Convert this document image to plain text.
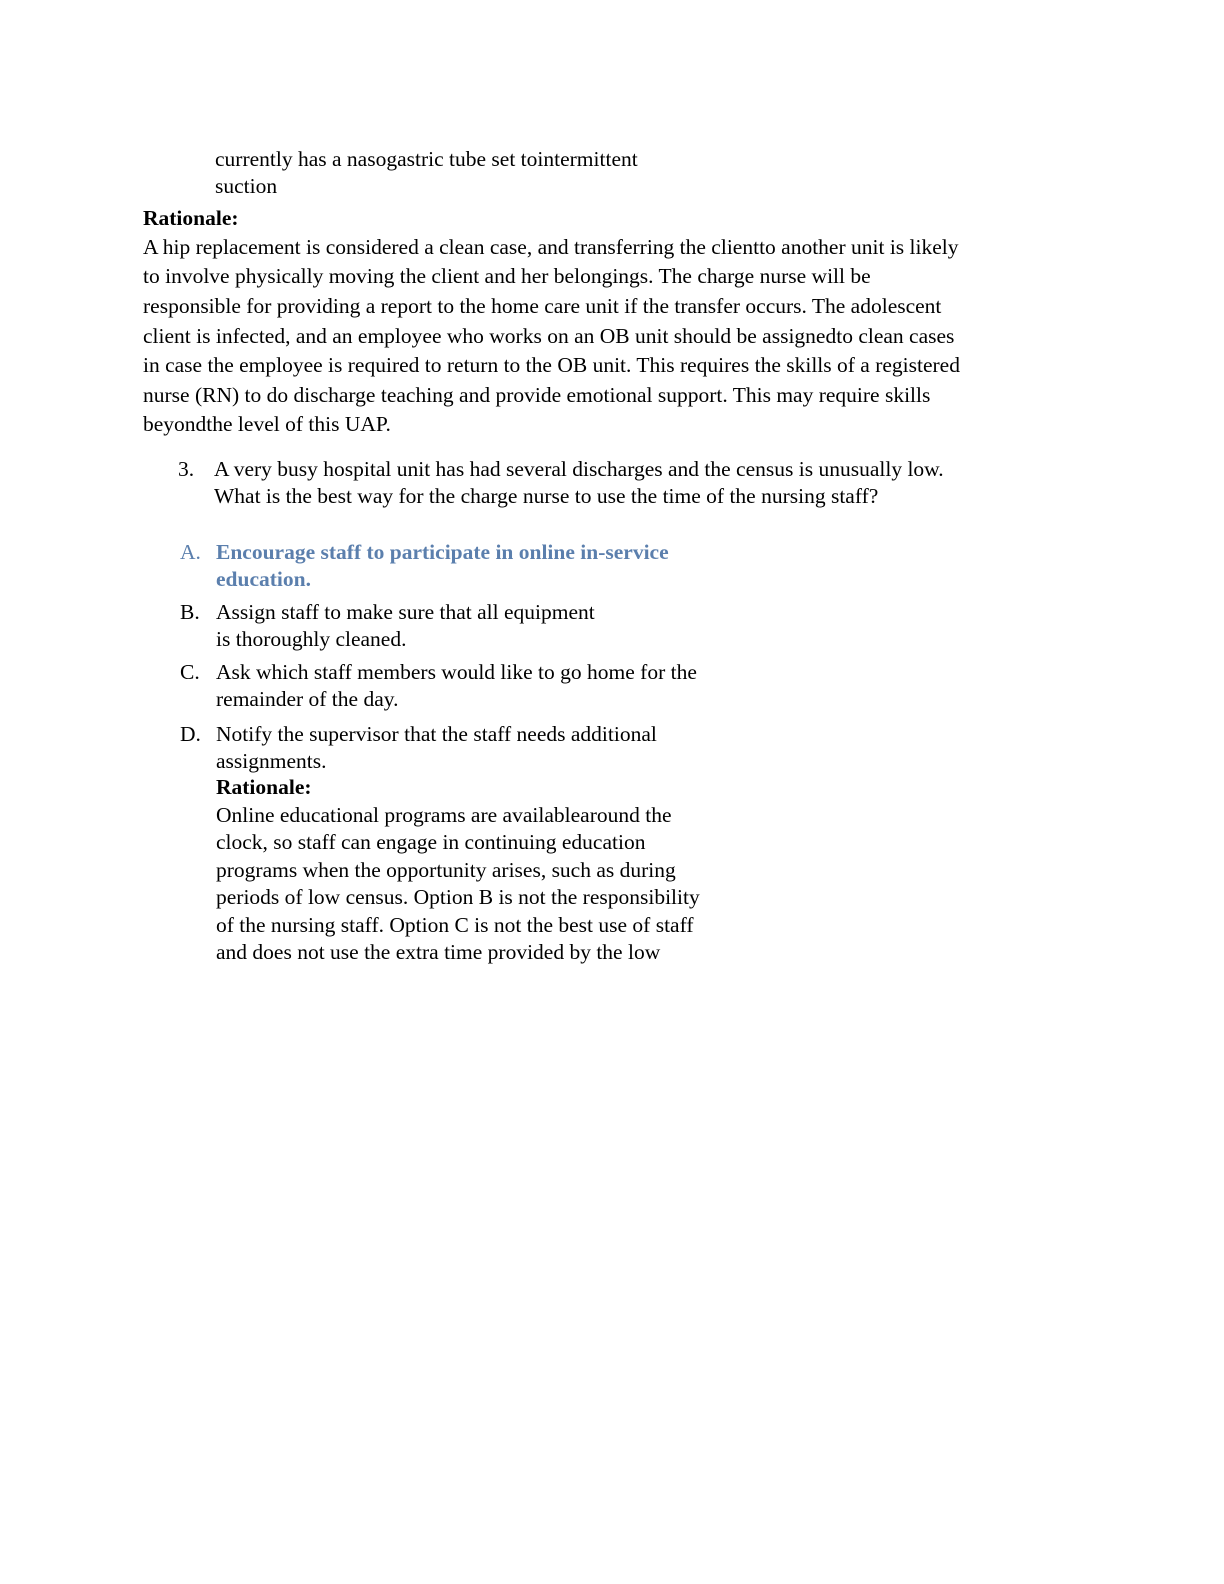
currently has a nasogastric tube set tointermittent
suction
Rationale:
A hip replacement is considered a clean case, and transferring the clientto another unit is likely
to involve physically moving the client and her belongings. The charge nurse will be
responsible for providing a report to the home care unit if the transfer occurs. The adolescent
client is infected, and an employee who works on an OB unit should be assignedto clean cases
in case the employee is required to return to the OB unit. This requires the skills of a registered
nurse (RN) to do discharge teaching and provide emotional support. This may require skills
beyondthe level of this UAP.
3. A very busy hospital unit has had several discharges and the census is unusually low.
What is the best way for the charge nurse to use the time of the nursing staff?
A. Encourage staff to participate in online in-service
education.
B. Assign staff to make sure that all equipment
is thoroughly cleaned.
C. Ask which staff members would like to go home for the
remainder of the day.
D. Notify the supervisor that the staff needs additional
assignments.
Rationale:
Online educational programs are availablearound the
clock, so staff can engage in continuing education
programs when the opportunity arises, such as during
periods of low census. Option B is not the responsibility
of the nursing staff. Option C is not the best use of staff
and does not use the extra time provided by the low
